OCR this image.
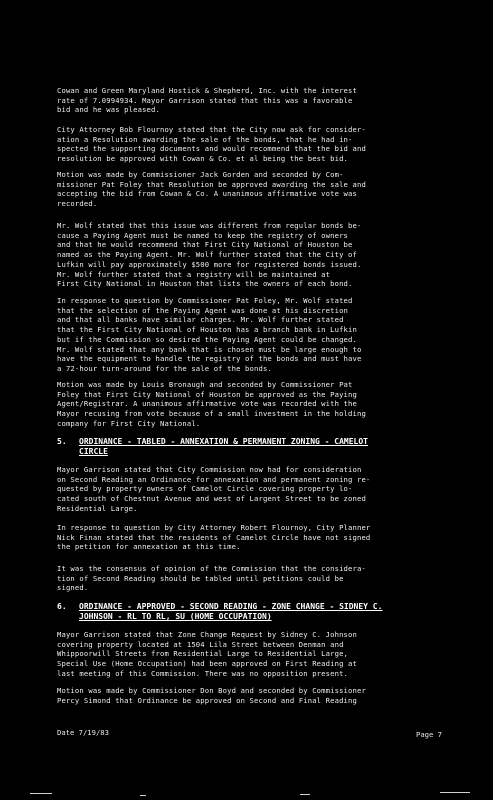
Cowan and Green Maryland Hostick & Shepherd, Inc. with the interest
rate of 7.0994934. Mayor Garrison stated that this was a favorable
bid and he was pleased.

City Attorney Bob Flournoy stated that the City now ask for consider-
ation a Resolution awarding the sale of the bonds, that he had in-
spected the supporting documents and would recommend that the bid and
resolution be approved with Cowan & Co. et al being the best bid.

Motion was made by Commissioner Jack Gorden and seconded by Com-
missioner Pat Foley that Resolution be approved awarding the sale and
accepting the bid from Cowan & Co. A unanimous affirmative vote was
recorded.

Mr. Wolf stated that this issue was different from regular bonds be-
cause a Paying Agent must be named to keep the registry of owners
and that he would recommend that First City National of Houston be
named as the Paying Agent. Mr. Wolf further stated that the City of
Lufkin will pay approximately $500 more for registered bonds issued.
Mr. Wolf further stated that a registry will be maintained at
First City National in Houston that lists the owners of each bond.

In response to question by Commissioner Pat Foley, Mr. Wolf stated
that the selection of the Paying Agent was done at his discretion
and that all banks have similar charges. Mr. Wolf further stated
that the First City National of Houston has a branch bank in Lufkin
but if the Commission so desired the Paying Agent could be changed.
Mr. Wolf stated that any bank that is chosen must be large enough to
have the equipment to handle the registry of the bonds and must have
a 72-hour turn-around for the sale of the bonds.

Motion was made by Louis Bronaugh and seconded by Commissioner Pat
Foley that First City National of Houston be approved as the Paying
Agent/Registrar. A unanimous affirmative vote was recorded with the
Mayor recusing from vote because of a small investment in the holding
company for First City National.

5. ORDINANCE - TABLED - ANNEXATION & PERMANENT ZONING - CAMELOT
CIRCLE

Mayor Garrison stated that City Commission now had for consideration
on Second Reading an Ordinance for annexation and permanent zoning re-
quested by property owners of Camelot Circle covering property lo-
cated south of Chestnut Avenue and west of Largent Street to be zoned
Residential Large.

In response to question by City Attorney Robert Flournoy, City Planner
Nick Finan stated that the residents of Camelot Circle have not signed
the petition for annexation at this time.

It was the consensus of opinion of the Commission that the considera-
tion of Second Reading should be tabled until petitions could be
signed.

6. ORDINANCE - APPROVED - SECOND READING - ZONE CHANGE - SIDNEY C.
JOHNSON - RL TO RL, SU (HOME OCCUPATION)

Mayor Garrison stated that Zone Change Request by Sidney C. Johnson
covering property located at 1504 Lila Street between Denman and
Whippoorwill Streets from Residential Large to Residential Large,
Special Use (Home Occupation) had been approved on First Reading at
last meeting of this Commission. There was no opposition present.

Motion was made by Commissioner Don Boyd and seconded by Commissioner
Percy Simond that Ordinance be approved on Second and Final Reading

Date 7/19/83	Page 7
